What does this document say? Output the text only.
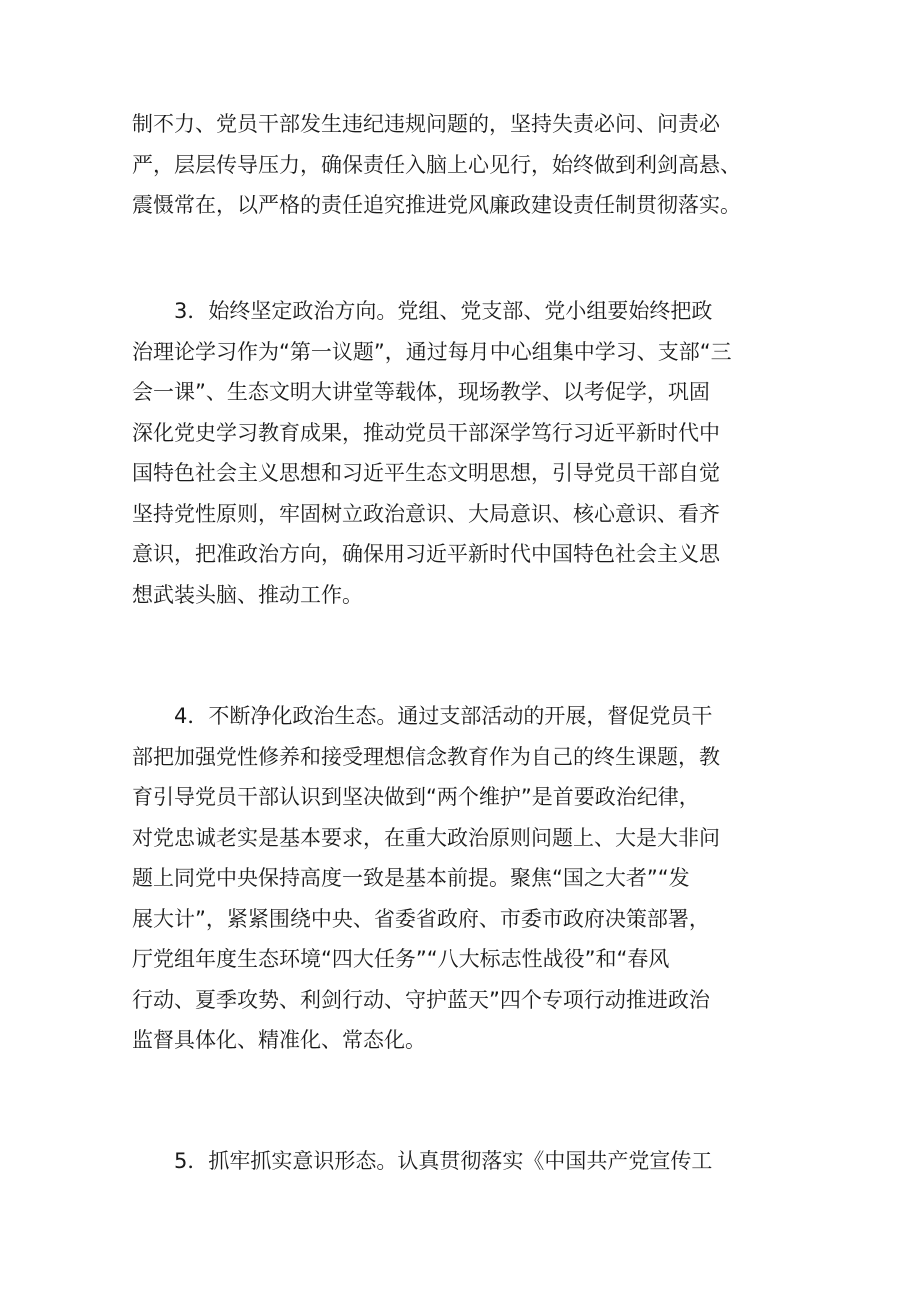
制不力、党员干部发生违纪违规问题的，坚持失责必问、问责必
严，层层传导压力，确保责任入脑上心见行，始终做到利剑高悬、
震慑常在，以严格的责任追究推进党风廉政建设责任制贯彻落实。
3．始终坚定政治方向。党组、党支部、党小组要始终把政
治理论学习作为“第一议题”，通过每月中心组集中学习、支部“三
会一课”、生态文明大讲堂等载体，现场教学、以考促学，巩固
深化党史学习教育成果，推动党员干部深学笃行习近平新时代中
国特色社会主义思想和习近平生态文明思想，引导党员干部自觉
坚持党性原则，牢固树立政治意识、大局意识、核心意识、看齐
意识，把准政治方向，确保用习近平新时代中国特色社会主义思
想武装头脑、推动工作。
4．不断净化政治生态。通过支部活动的开展，督促党员干
部把加强党性修养和接受理想信念教育作为自己的终生课题，教
育引导党员干部认识到坚决做到“两个维护”是首要政治纪律，
对党忠诚老实是基本要求，在重大政治原则问题上、大是大非问
题上同党中央保持高度一致是基本前提。聚焦“国之大者”“发
展大计”，紧紧围绕中央、省委省政府、市委市政府决策部署，
厅党组年度生态环境“四大任务”“八大标志性战役”和“春风
行动、夏季攻势、利剑行动、守护蓝天”四个专项行动推进政治
监督具体化、精准化、常态化。
5．抓牢抓实意识形态。认真贯彻落实《中国共产党宣传工
